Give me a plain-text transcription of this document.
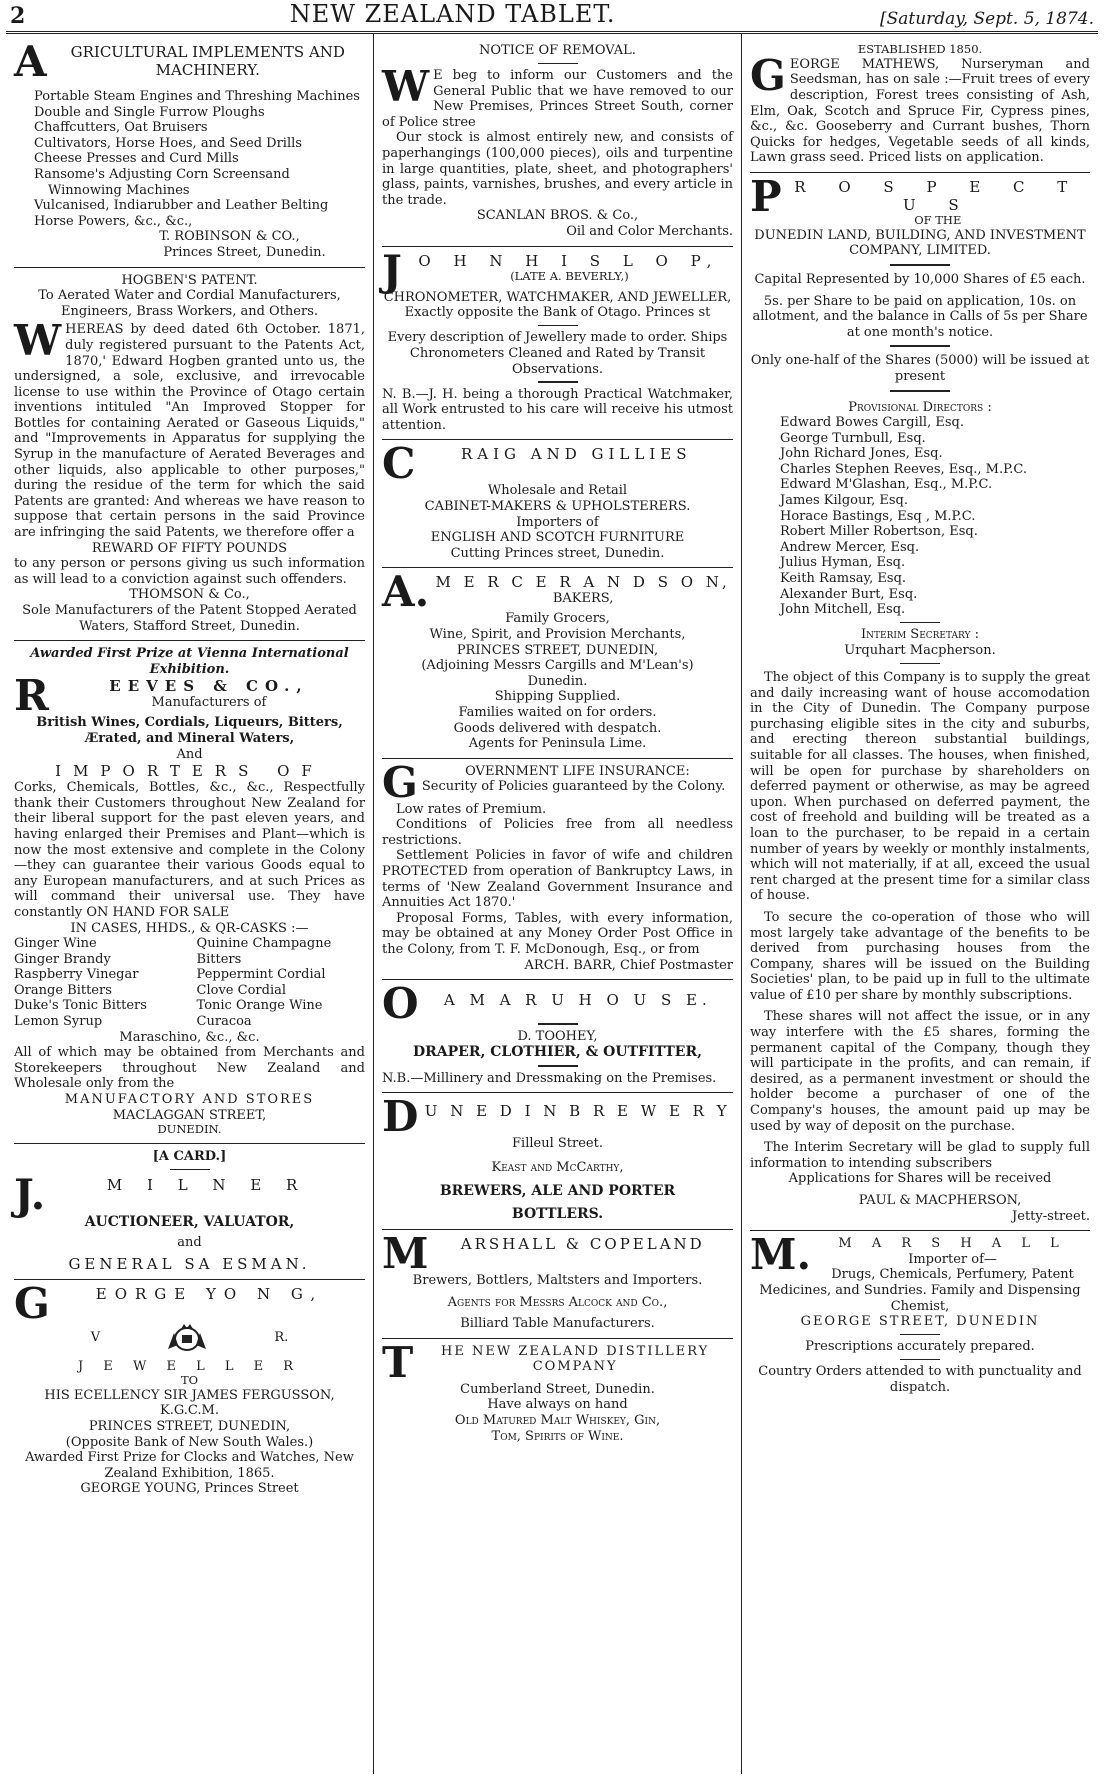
2	NEW ZEALAND TABLET.	[Saturday, Sept. 5, 1874.
A	GRICULTURAL IMPLEMENTS AND MACHINERY.
Portable Steam Engines and Threshing Machines
Double and Single Furrow Ploughs
Chaffcutters, Oat Bruisers
Cultivators, Horse Hoes, and Seed Drills
Cheese Presses and Curd Mills
Ransome's Adjusting Corn Screensand Winnowing Machines
Vulcanised, Indiarubber and Leather Belting
Horse Powers, &c., &c.,
T. ROBINSON & CO.,
Princes Street, Dunedin.
HOGBEN'S PATENT.
To Aerated Water and Cordial Manufacturers, Engineers, Brass Workers, and Others.
WHEREAS by deed dated 6th October. 1871, duly registered pursuant to the Patents Act, 1870,' Edward Hogben granted unto us, the undersigned, a sole, exclusive, and irrevocable license to use within the Province of Otago certain inventions intituled "An Improved Stopper for Bottles for containing Aerated or Gaseous Liquids," and "Improvements in Apparatus for supplying the Syrup in the manufacture of Aerated Beverages and other liquids, also applicable to other purposes," during the residue of the term for which the said Patents are granted: And whereas we have reason to suppose that certain persons in the said Province are infringing the said Patents, we therefore offer a
REWARD OF FIFTY POUNDS
to any person or persons giving us such information as will lead to a conviction against such offenders.
THOMSON & Co.,
Sole Manufacturers of the Patent Stopped Aerated Waters, Stafford Street, Dunedin.
Awarded First Prize at Vienna International Exhibition.
R	EEVES & CO.,
Manufacturers of
British Wines, Cordials, Liqueurs, Bitters, Ærated, and Mineral Waters,
And
IMPORTERS OF
Corks, Chemicals, Bottles, &c., &c., Respectfully thank their Customers throughout New Zealand for their liberal support for the past eleven years, and having enlarged their Premises and Plant—which is now the most extensive and complete in the Colony—they can guarantee their various Goods equal to any European manufacturers, and at such Prices as will command their universal use. They have constantly ON HAND FOR SALE
IN CASES, HHDS., & QR-CASKS :—
Ginger Wine	Quinine Champagne
Ginger Brandy	Bitters
Raspberry Vinegar	Peppermint Cordial
Orange Bitters	Clove Cordial
Duke's Tonic Bitters	Tonic Orange Wine
Lemon Syrup	Curacoa
Maraschino, &c., &c.
All of which may be obtained from Merchants and Storekeepers throughout New Zealand and Wholesale only from the
MANUFACTORY AND STORES
MACLAGGAN STREET,
DUNEDIN.
[A CARD.]
J.	M I L N E R
AUCTIONEER, VALUATOR,
and
GENERAL SA ESMAN.
G	EORGE YO N G,
V	R.
J E W E L L E R
TO
HIS ECELLENCY SIR JAMES FERGUSSON, K.G.C.M.
PRINCES STREET, DUNEDIN,
(Opposite Bank of New South Wales.)
Awarded First Prize for Clocks and Watches, New Zealand Exhibition, 1865.
GEORGE YOUNG, Princes Street
NOTICE OF REMOVAL.
W E beg to inform our Customers and the General Public that we have removed to our New Premises, Princes Street South, corner of Police stree
Our stock is almost entirely new, and consists of paperhangings (100,000 pieces), oils and turpentine in large quantities, plate, sheet, and photographers' glass, paints, varnishes, brushes, and every article in the trade.
SCANLAN BROS. & Co.,
Oil and Color Merchants.
J	O H N H I S L O P,
(LATE A. BEVERLY,)
CHRONOMETER, WATCHMAKER, AND JEWELLER,
Exactly opposite the Bank of Otago. Princes st
Every description of Jewellery made to order. Ships Chronometers Cleaned and Rated by Transit Observations.
N. B.—J. H. being a thorough Practical Watchmaker, all Work entrusted to his care will receive his utmost attention.
C	RAIG AND GILLIES
Wholesale and Retail
CABINET-MAKERS & UPHOLSTERERS.
Importers of
ENGLISH AND SCOTCH FURNITURE
Cutting Princes street, Dunedin.
A. M E R C E R A N D S O N,
BAKERS,
Family Grocers,
Wine, Spirit, and Provision Merchants,
PRINCES STREET, DUNEDIN,
(Adjoining Messrs Cargills and M'Lean's)
Dunedin.
Shipping Supplied.
Families waited on for orders.
Goods delivered with despatch.
Agents for Peninsula Lime.
G	OVERNMENT LIFE INSURANCE:
Security of Policies guaranteed by the Colony.
Low rates of Premium.
Conditions of Policies free from all needless restrictions.
Settlement Policies in favor of wife and children PROTECTED from operation of Bankruptcy Laws, in terms of 'New Zealand Government Insurance and Annuities Act 1870.'
Proposal Forms, Tables, with every information, may be obtained at any Money Order Post Office in the Colony, from T. F. McDonough, Esq., or from
ARCH. BARR, Chief Postmaster
O	A M A R U H O U S E.
D. TOOHEY,
DRAPER, CLOTHIER, & OUTFITTER,
N.B.—Millinery and Dressmaking on the Premises.
D U N E D I N B R E W E R Y
Filleul Street.
Keast and McCarthy,
BREWERS, ALE AND PORTER
BOTTLERS.
M	ARSHALL & COPELAND
Brewers, Bottlers, Maltsters and Importers.
Agents for Messrs Alcock and Co.,
Billiard Table Manufacturers.
T	HE NEW ZEALAND DISTILLERY COMPANY
Cumberland Street, Dunedin.
Have always on hand
Old Matured Malt Whiskey, Gin,
Tom, Spirits of Wine.
ESTABLISHED 1850.
GEORGE MATHEWS, Nurseryman and Seedsman, has on sale :—Fruit trees of every description, Forest trees consisting of Ash, Elm, Oak, Scotch and Spruce Fir, Cypress pines, &c., &c. Gooseberry and Currant bushes, Thorn Quicks for hedges, Vegetable seeds of all kinds, Lawn grass seed. Priced lists on application.
P R O S P E C T U S
OF THE
DUNEDIN LAND, BUILDING, AND INVESTMENT COMPANY, LIMITED.
Capital Represented by 10,000 Shares of £5 each.
5s. per Share to be paid on application, 10s. on allotment, and the balance in Calls of 5s per Share at one month's notice.
Only one-half of the Shares (5000) will be issued at present
Provisional Directors :
Edward Bowes Cargill, Esq.
George Turnbull, Esq.
John Richard Jones, Esq.
Charles Stephen Reeves, Esq., M.P.C.
Edward M'Glashan, Esq., M.P.C.
James Kilgour, Esq.
Horace Bastings, Esq , M.P.C.
Robert Miller Robertson, Esq.
Andrew Mercer, Esq.
Julius Hyman, Esq.
Keith Ramsay, Esq.
Alexander Burt, Esq.
John Mitchell, Esq.
Interim Secretary :
Urquhart Macpherson.
The object of this Company is to supply the great and daily increasing want of house accomodation in the City of Dunedin. The Company purpose purchasing eligible sites in the city and suburbs, and erecting thereon substantial buildings, suitable for all classes. The houses, when finished, will be open for purchase by shareholders on deferred payment or otherwise, as may be agreed upon. When purchased on deferred payment, the cost of freehold and building will be treated as a loan to the purchaser, to be repaid in a certain number of years by weekly or monthly instalments, which will not materially, if at all, exceed the usual rent charged at the present time for a similar class of house.
To secure the co-operation of those who will most largely take advantage of the benefits to be derived from purchasing houses from the Company, shares will be issued on the Building Societies' plan, to be paid up in full to the ultimate value of £10 per share by monthly subscriptions.
These shares will not affect the issue, or in any way interfere with the £5 shares, forming the permanent capital of the Company, though they will participate in the profits, and can remain, if desired, as a permanent investment or should the holder become a purchaser of one of the Company's houses, the amount paid up may be used by way of deposit on the purchase.
The Interim Secretary will be glad to supply full information to intending subscribers
Applications for Shares will be received
PAUL & MACPHERSON,
Jetty-street.
M.	M A R S H A L L
Importer of—
Drugs, Chemicals, Perfumery, Patent Medicines, and Sundries. Family and Dispensing Chemist,
GEORGE STREET, DUNEDIN
Prescriptions accurately prepared.
Country Orders attended to with punctuality and dispatch.
